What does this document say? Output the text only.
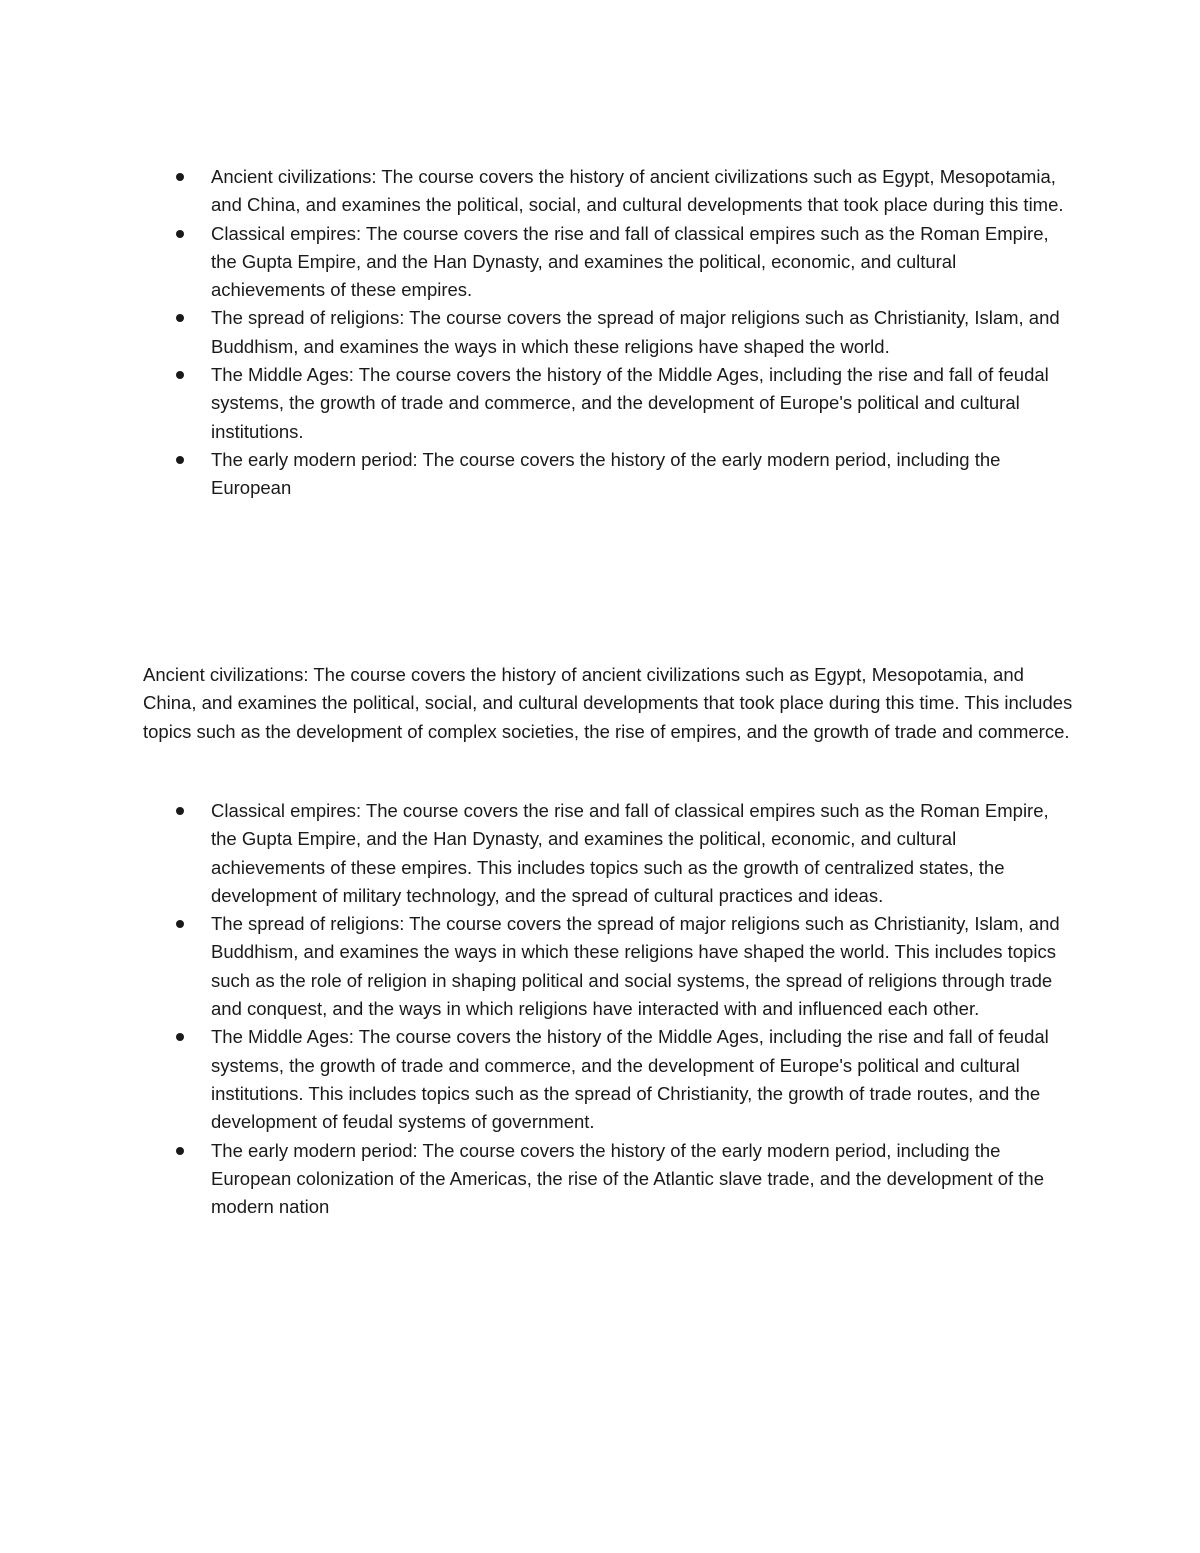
Ancient civilizations: The course covers the history of ancient civilizations such as Egypt, Mesopotamia, and China, and examines the political, social, and cultural developments that took place during this time.
Classical empires: The course covers the rise and fall of classical empires such as the Roman Empire, the Gupta Empire, and the Han Dynasty, and examines the political, economic, and cultural achievements of these empires.
The spread of religions: The course covers the spread of major religions such as Christianity, Islam, and Buddhism, and examines the ways in which these religions have shaped the world.
The Middle Ages: The course covers the history of the Middle Ages, including the rise and fall of feudal systems, the growth of trade and commerce, and the development of Europe's political and cultural institutions.
The early modern period: The course covers the history of the early modern period, including the European

Ancient civilizations: The course covers the history of ancient civilizations such as Egypt, Mesopotamia, and China, and examines the political, social, and cultural developments that took place during this time. This includes topics such as the development of complex societies, the rise of empires, and the growth of trade and commerce.

Classical empires: The course covers the rise and fall of classical empires such as the Roman Empire, the Gupta Empire, and the Han Dynasty, and examines the political, economic, and cultural achievements of these empires. This includes topics such as the growth of centralized states, the development of military technology, and the spread of cultural practices and ideas.
The spread of religions: The course covers the spread of major religions such as Christianity, Islam, and Buddhism, and examines the ways in which these religions have shaped the world. This includes topics such as the role of religion in shaping political and social systems, the spread of religions through trade and conquest, and the ways in which religions have interacted with and influenced each other.
The Middle Ages: The course covers the history of the Middle Ages, including the rise and fall of feudal systems, the growth of trade and commerce, and the development of Europe's political and cultural institutions. This includes topics such as the spread of Christianity, the growth of trade routes, and the development of feudal systems of government.
The early modern period: The course covers the history of the early modern period, including the European colonization of the Americas, the rise of the Atlantic slave trade, and the development of the modern nation
